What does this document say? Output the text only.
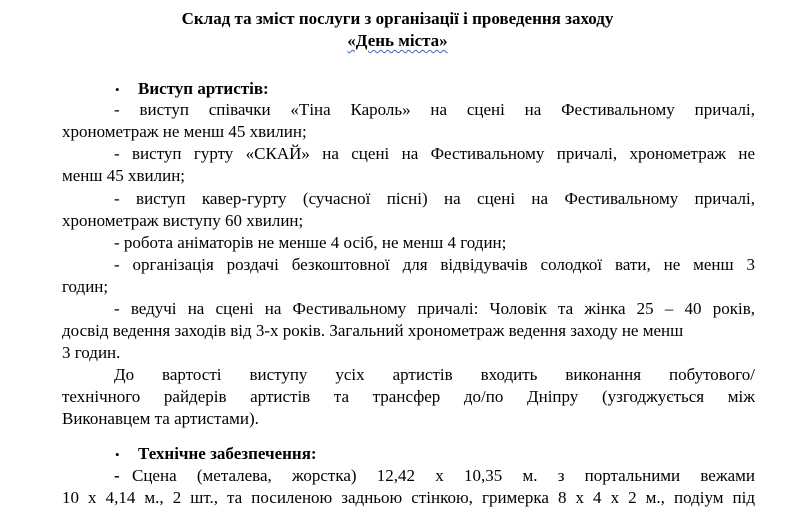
Склад та зміст послуги з організації і проведення заходу
«День міста»
• Виступ артистів:
- виступ співачки «Тіна Кароль» на сцені на Фестивальному причалі,
хронометраж не менш 45 хвилин;
- виступ гурту «СКАЙ» на сцені на Фестивальному причалі, хронометраж не
менш 45 хвилин;
- виступ кавер-гурту (сучасної пісні) на сцені на Фестивальному причалі,
хронометраж виступу 60 хвилин;
- робота аніматорів не менше 4 осіб, не менш 4 годин;
- організація роздачі безкоштовної для відвідувачів солодкої вати, не менш 3
годин;
- ведучі на сцені на Фестивальному причалі: Чоловік та жінка 25 – 40 років,
досвід ведення заходів від 3-х років. Загальний хронометраж ведення заходу не менш
3 годин.
До вартості виступу усіх артистів входить виконання побутового/
технічного райдерів артистів та трансфер до/по Дніпру (узгоджується між
Виконавцем та артистами).
• Технічне забезпечення:
- Сцена (металева, жорстка) 12,42 х 10,35 м. з портальними вежами
10 х 4,14 м., 2 шт., та посиленою задньою стінкою, гримерка 8 х 4 х 2 м., подіум під
